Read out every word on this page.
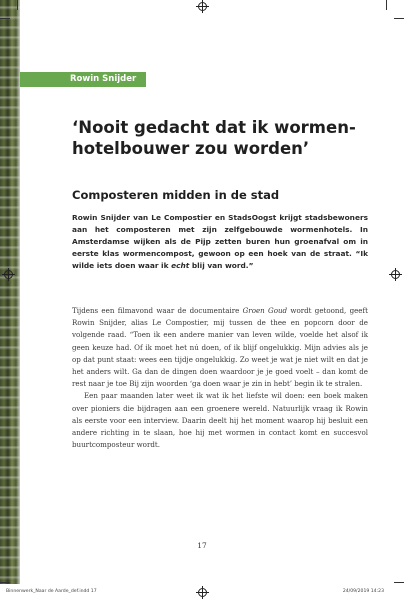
Rowin Snijder
‘Nooit gedacht dat ik wormen-hotelbouwer zou worden’
Composteren midden in de stad
Rowin Snijder van Le Compostier en StadsOogst krijgt stadsbewoners aan het composteren met zijn zelfgebouwde wormenhotels. In Amsterdamse wijken als de Pijp zetten buren hun groenafval om in eerste klas wormencompost, gewoon op een hoek van de straat. “Ik wilde iets doen waar ik echt blij van word.”

Tijdens een filmavond waar de documentaire Groen Goud wordt getoond, geeft Rowin Snijder, alias Le Compostier, mij tussen de thee en popcorn door de volgende raad. “Toen ik een andere manier van leven wilde, voelde het alsof ik geen keuze had. Of ik moet het nú doen, of ik blijf ongelukkig. Mijn advies als je op dat punt staat: wees een tijdje ongelukkig. Zo weet je wat je niet wilt en dat je het anders wilt. Ga dan de dingen doen waardoor je je goed voelt – dan komt de rest naar je toe Bij zijn woorden ‘ga doen waar je zin in hebt’ begin ik te stralen.

Een paar maanden later weet ik wat ik het liefste wil doen: een boek maken over pioniers die bijdragen aan een groenere wereld. Natuurlijk vraag ik Rowin als eerste voor een interview. Daarin deelt hij het moment waarop hij besluit een andere richting in te slaan, hoe hij met wormen in contact komt en succesvol buurtcomposteur wordt.

17
Binnenwerk_Naar de Aarde_def.indd 17	24/09/2019 14:23
